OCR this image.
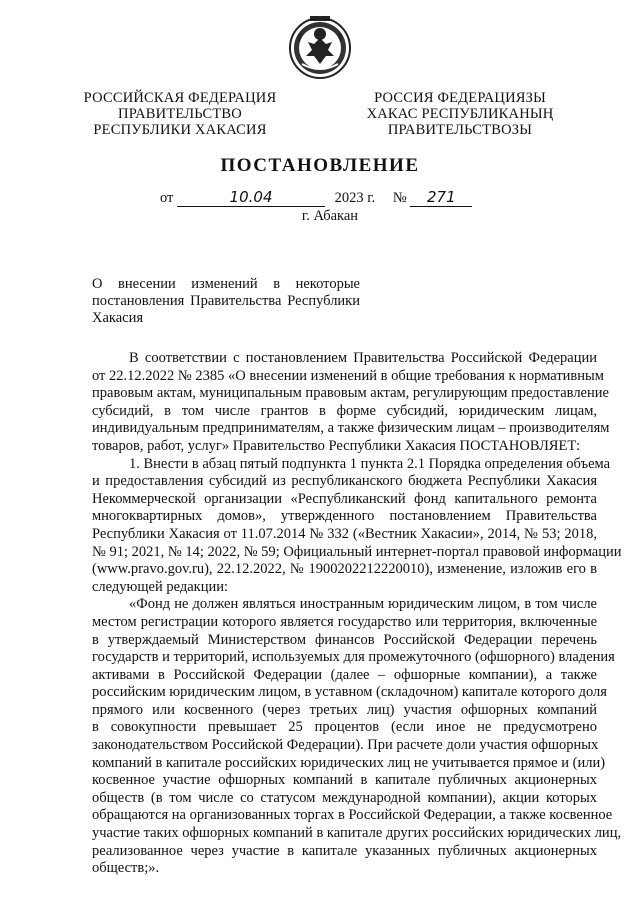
РОССИЙСКАЯ ФЕДЕРАЦИЯ
ПРАВИТЕЛЬСТВО
РЕСПУБЛИКИ ХАКАСИЯ
РОССИЯ ФЕДЕРАЦИЯЗЫ
ХАКАС РЕСПУБЛИКАНЫҢ
ПРАВИТЕЛЬСТВОЗЫ
ПОСТАНОВЛЕНИЕ
от	10.04	2023 г. № 271
г. Абакан
О внесении изменений в некоторые
постановления Правительства Республики
Хакасия
В соответствии с постановлением Правительства Российской Федерации
от 22.12.2022 № 2385 «О внесении изменений в общие требования к нормативным
правовым актам, муниципальным правовым актам, регулирующим предоставление
субсидий, в том числе грантов в форме субсидий, юридическим лицам,
индивидуальным предпринимателям, а также физическим лицам – производителям
товаров, работ, услуг» Правительство Республики Хакасия ПОСТАНОВЛЯЕТ:
1. Внести в абзац пятый подпункта 1 пункта 2.1 Порядка определения объема
и предоставления субсидий из республиканского бюджета Республики Хакасия
Некоммерческой организации «Республиканский фонд капитального ремонта
многоквартирных домов», утвержденного постановлением Правительства
Республики Хакасия от 11.07.2014 № 332 («Вестник Хакасии», 2014, № 53; 2018,
№ 91; 2021, № 14; 2022, № 59; Официальный интернет-портал правовой информации
(www.pravo.gov.ru), 22.12.2022, № 1900202212220010), изменение, изложив его в
следующей редакции:
«Фонд не должен являться иностранным юридическим лицом, в том числе
местом регистрации которого является государство или территория, включенные
в утверждаемый Министерством финансов Российской Федерации перечень
государств и территорий, используемых для промежуточного (офшорного) владения
активами в Российской Федерации (далее – офшорные компании), а также
российским юридическим лицом, в уставном (складочном) капитале которого доля
прямого или косвенного (через третьих лиц) участия офшорных компаний
в совокупности превышает 25 процентов (если иное не предусмотрено
законодательством Российской Федерации). При расчете доли участия офшорных
компаний в капитале российских юридических лиц не учитывается прямое и (или)
косвенное участие офшорных компаний в капитале публичных акционерных
обществ (в том числе со статусом международной компании), акции которых
обращаются на организованных торгах в Российской Федерации, а также косвенное
участие таких офшорных компаний в капитале других российских юридических лиц,
реализованное через участие в капитале указанных публичных акционерных
обществ;».
